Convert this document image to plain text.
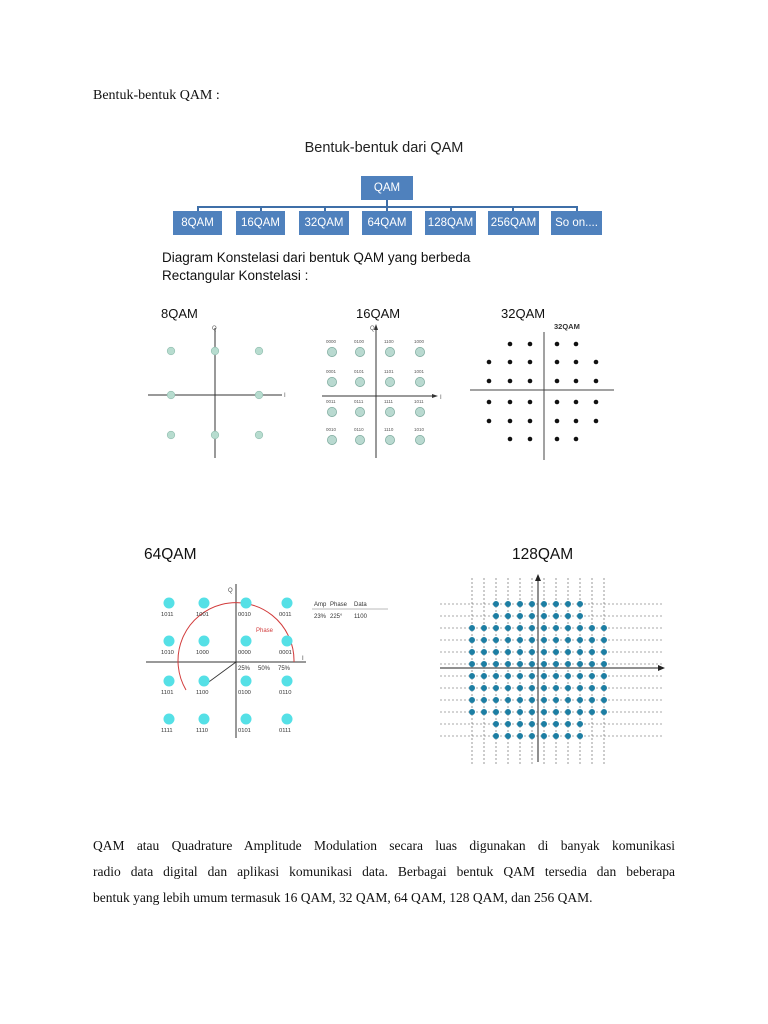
Bentuk-bentuk QAM :
Bentuk-bentuk dari QAM
QAM
8QAM	16QAM	32QAM	64QAM	128QAM 256QAM	So on....
Diagram Konstelasi dari bentuk QAM yang berbeda
Rectangular Konstelasi :
8QAM
Q
I
16QAM
Q
I
0000	0100	1100	1000
0001	0101	1101	1001
0011	0111	1111	1011
0010	0110	1110	1010
32QAM
32QAM
64QAM
Q
I
Phase
25% 50% 75%
Amp Phase Data
23% 225° 1100
1011	1001	0010	0011
1010	1000	0000	0001
1101	1100	0100	0110
1111	1110	0101	0111
128QAM
QAM atau Quadrature Amplitude Modulation secara luas digunakan di banyak komunikasi
radio data digital dan aplikasi komunikasi data. Berbagai bentuk QAM tersedia dan beberapa
bentuk yang lebih umum termasuk 16 QAM, 32 QAM, 64 QAM, 128 QAM, dan 256 QAM.
